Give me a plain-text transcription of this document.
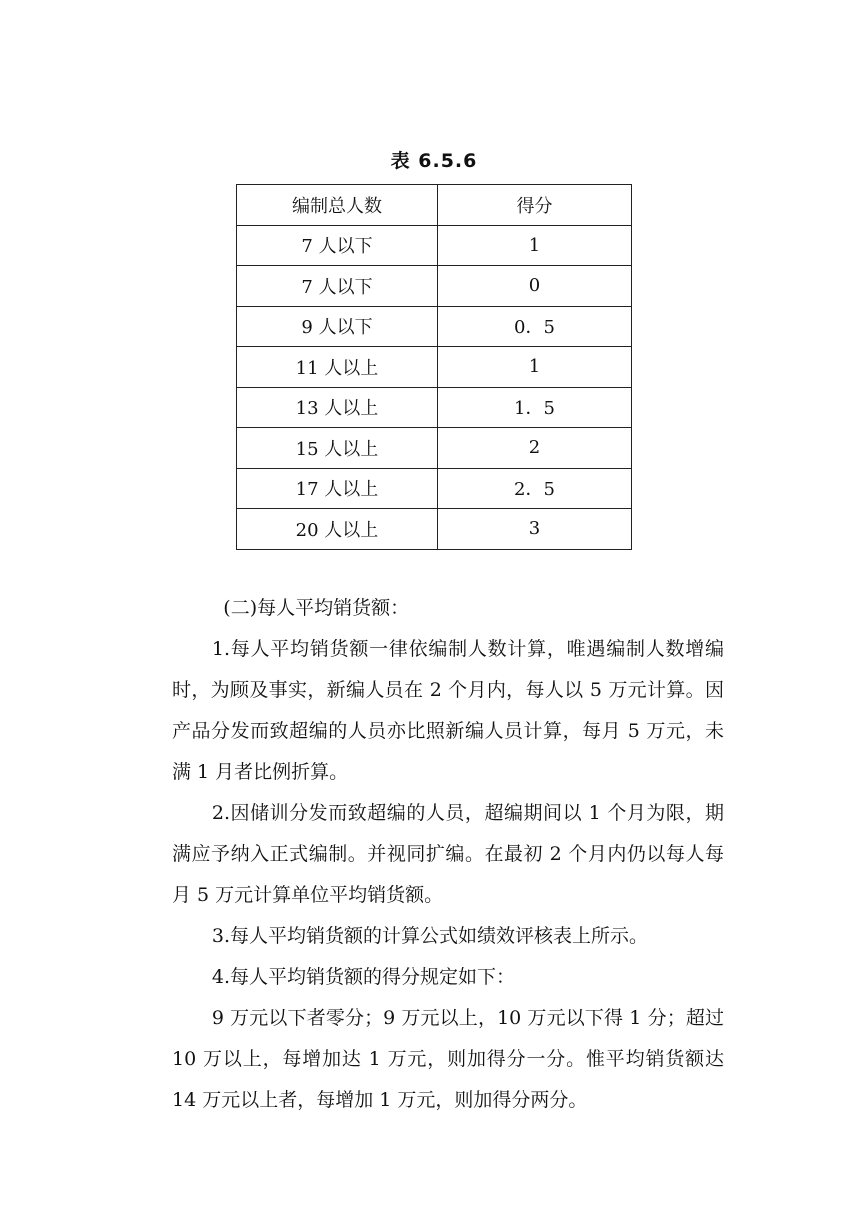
表 6.5.6
编制总人数	得分
7 人以下	1
7 人以下	0
9 人以下	0．5
11 人以上	1
13 人以上	1．5
15 人以上	2
17 人以上	2．5
20 人以上	3

(二)每人平均销货额：

1.每人平均销货额一律依编制人数计算，唯遇编制人数增编时，为顾及事实，新编人员在 2 个月内，每人以 5 万元计算。因产品分发而致超编的人员亦比照新编人员计算，每月 5 万元，未满 1 月者比例折算。

2.因储训分发而致超编的人员，超编期间以 1 个月为限，期满应予纳入正式编制。并视同扩编。在最初 2 个月内仍以每人每月 5 万元计算单位平均销货额。

3.每人平均销货额的计算公式如绩效评核表上所示。

4.每人平均销货额的得分规定如下：

9 万元以下者零分；9 万元以上，10 万元以下得 1 分；超过 10 万以上，每增加达 1 万元，则加得分一分。惟平均销货额达 14 万元以上者，每增加 1 万元，则加得分两分。
